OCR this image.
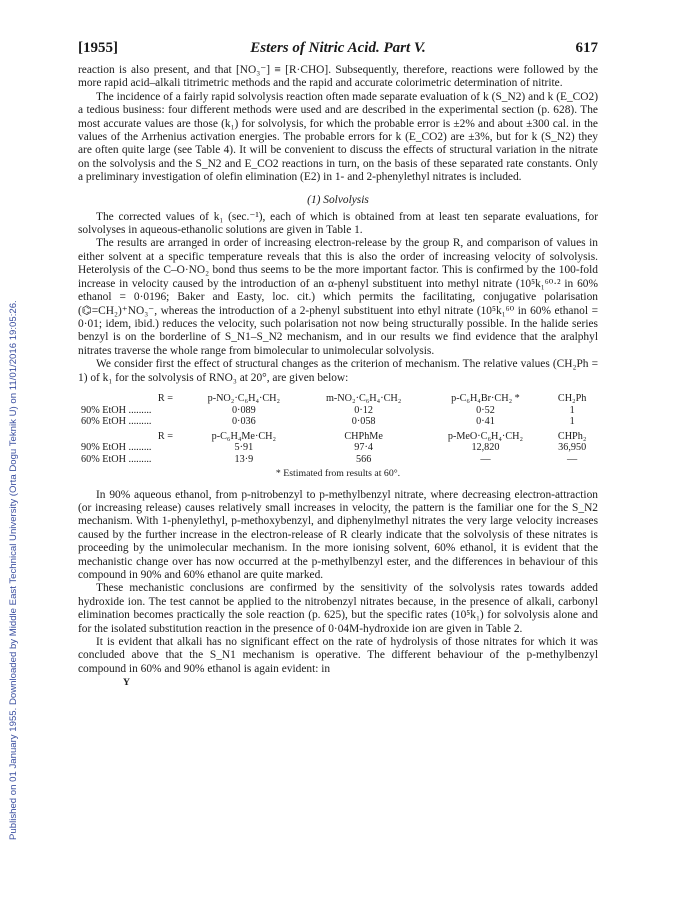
Published on 01 January 1955. Downloaded by Middle East Technical University (Orta Dogu Teknik U) on 11/01/2016 19:05:26.
[1955]	Esters of Nitric Acid. Part V.	617

reaction is also present, and that [NO₃⁻] ≡ [R·CHO]. Subsequently, therefore, reactions were followed by the more rapid acid–alkali titrimetric methods and the rapid and accurate colorimetric determination of nitrite.

The incidence of a fairly rapid solvolysis reaction often made separate evaluation of k (S_N2) and k (E_CO2) a tedious business: four different methods were used and are described in the experimental section (p. 628). The most accurate values are those (k₁) for solvolysis, for which the probable error is ±2% and about ±300 cal. in the values of the Arrhenius activation energies. The probable errors for k (E_CO2) are ±3%, but for k (S_N2) they are often quite large (see Table 4). It will be convenient to discuss the effects of structural variation in the nitrate on the solvolysis and the S_N2 and E_CO2 reactions in turn, on the basis of these separated rate constants. Only a preliminary investigation of olefin elimination (E2) in 1- and 2-phenylethyl nitrates is included.

(1) Solvolysis

The corrected values of k₁ (sec.⁻¹), each of which is obtained from at least ten separate evaluations, for solvolyses in aqueous-ethanolic solutions are given in Table 1.

The results are arranged in order of increasing electron-release by the group R, and comparison of values in either solvent at a specific temperature reveals that this is also the order of increasing velocity of solvolysis. Heterolysis of the C–O·NO₂ bond thus seems to be the more important factor. This is confirmed by the 100-fold increase in velocity caused by the introduction of an α-phenyl substituent into methyl nitrate (10⁵k₁⁶⁰·² in 60% ethanol = 0·0196; Baker and Easty, loc. cit.) which permits the facilitating, conjugative polarisation (⌬=CH₂)⁺NO₃⁻, whereas the introduction of a 2-phenyl substituent into ethyl nitrate (10⁵k₁⁶⁰ in 60% ethanol = 0·01; idem, ibid.) reduces the velocity, such polarisation not now being structurally possible. In the halide series benzyl is on the borderline of S_N1–S_N2 mechanism, and in our results we find evidence that the aralphyl nitrates traverse the whole range from bimolecular to unimolecular solvolysis.

We consider first the effect of structural changes as the criterion of mechanism. The relative values (CH₂Ph = 1) of k₁ for the solvolysis of RNO₃ at 20°, are given below:

R =	p-NO₂·C₆H₄·CH₂	m-NO₂·C₆H₄·CH₂	p-C₆H₄Br·CH₂ *	CH₂Ph
90% EtOH .........	0·089	0·12	0·52	1
60% EtOH .........	0·036	0·058	0·41	1
R =	p-C₆H₄Me·CH₂	CHPhMe	p-MeO·C₆H₄·CH₂	CHPh₂
90% EtOH .........	5·91	97·4	12,820	36,950
60% EtOH .........	13·9	566	—	—
* Estimated from results at 60°.

In 90% aqueous ethanol, from p-nitrobenzyl to p-methylbenzyl nitrate, where decreasing electron-attraction (or increasing release) causes relatively small increases in velocity, the pattern is the familiar one for the S_N2 mechanism. With 1-phenylethyl, p-methoxybenzyl, and diphenylmethyl nitrates the very large velocity increases caused by the further increase in the electron-release of R clearly indicate that the solvolysis of these nitrates is proceeding by the unimolecular mechanism. In the more ionising solvent, 60% ethanol, it is evident that the mechanistic change over has now occurred at the p-methylbenzyl ester, and the differences in behaviour of this compound in 90% and 60% ethanol are quite marked.

These mechanistic conclusions are confirmed by the sensitivity of the solvolysis rates towards added hydroxide ion. The test cannot be applied to the nitrobenzyl nitrates because, in the presence of alkali, carbonyl elimination becomes practically the sole reaction (p. 625), but the specific rates (10⁵k₁) for solvolysis alone and for the isolated substitution reaction in the presence of 0·04M-hydroxide ion are given in Table 2.

It is evident that alkali has no significant effect on the rate of hydrolysis of those nitrates for which it was concluded above that the S_N1 mechanism is operative. The different behaviour of the p-methylbenzyl compound in 60% and 90% ethanol is again evident: in

Y
